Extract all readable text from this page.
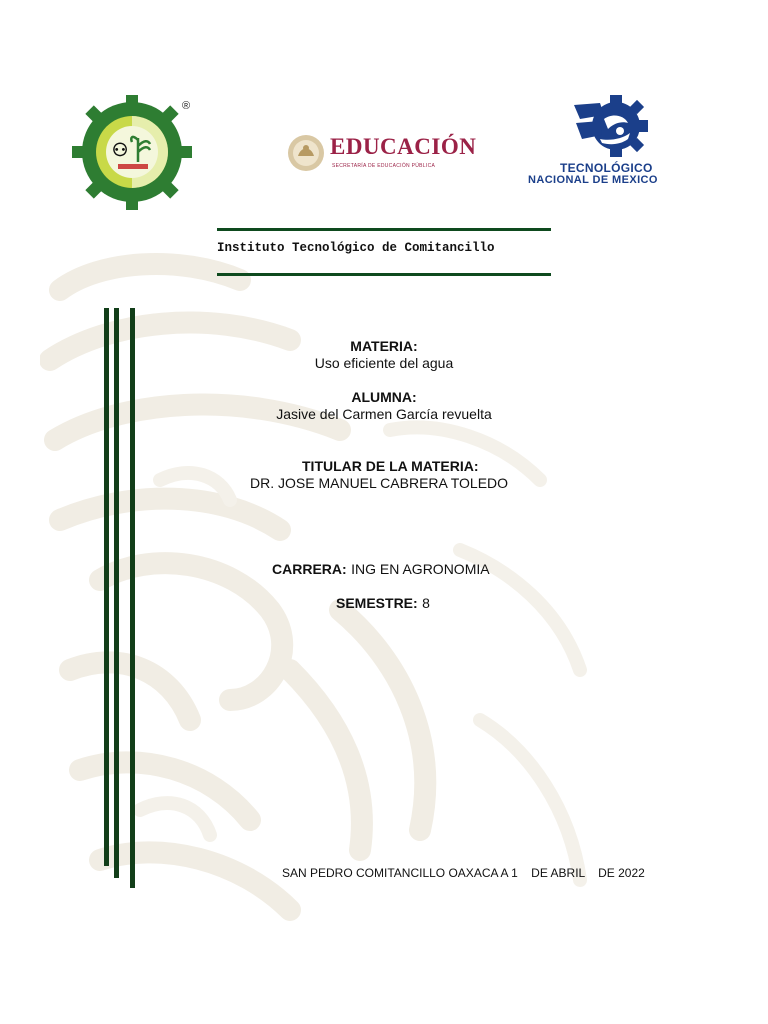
⚇
®
EDUCACIÓN
SECRETARÍA DE EDUCACIÓN PÚBLICA	TECNOLÓGICO
NACIONAL DE MEXICO
Instituto Tecnológico de Comitancillo
MATERIA:
Uso eficiente del agua
ALUMNA:
Jasive del Carmen García revuelta
TITULAR DE LA MATERIA:
DR. JOSE MANUEL CABRERA TOLEDO
CARRERA: ING EN AGRONOMIA
SEMESTRE: 8
SAN PEDRO COMITANCILLO OAXACA A 1    DE ABRIL    DE 2022
